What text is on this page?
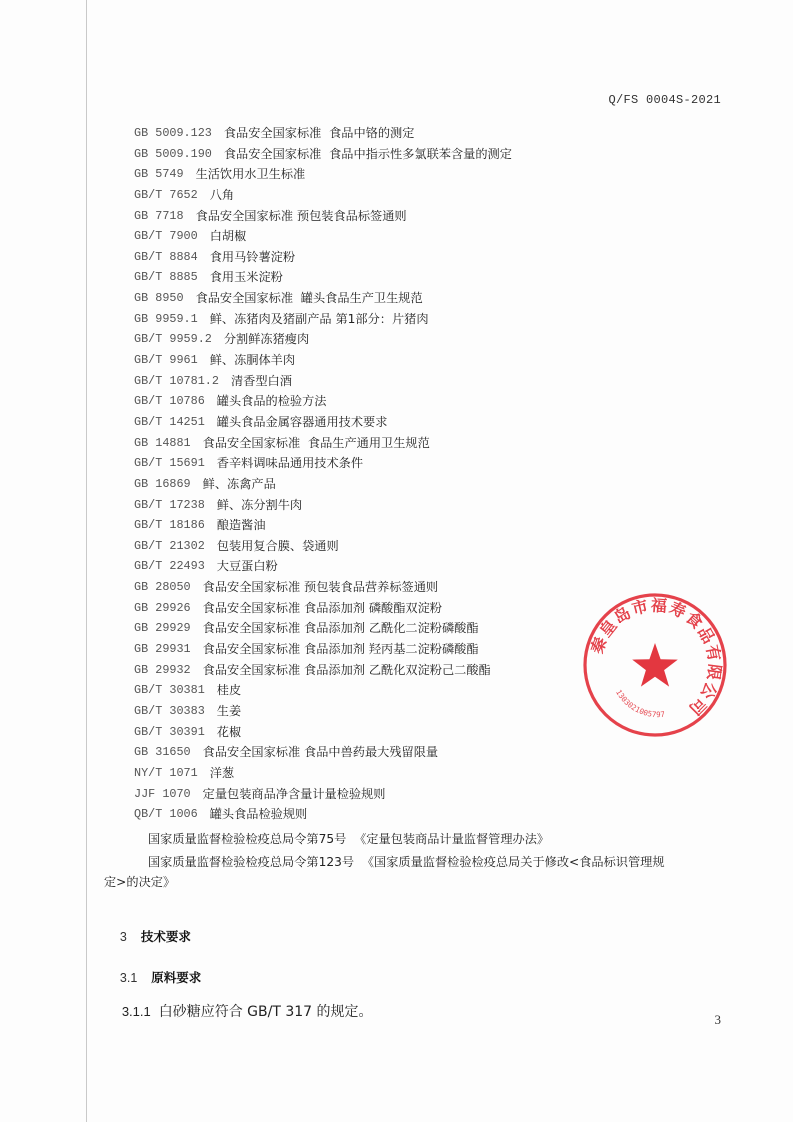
Q/FS 0004S-2021
GB 5009.123 食品安全国家标准  食品中铬的测定
GB 5009.190 食品安全国家标准  食品中指示性多氯联苯含量的测定
GB 5749 生活饮用水卫生标准
GB/T 7652 八角
GB 7718 食品安全国家标准 预包装食品标签通则
GB/T 7900 白胡椒
GB/T 8884 食用马铃薯淀粉
GB/T 8885 食用玉米淀粉
GB 8950 食品安全国家标准  罐头食品生产卫生规范
GB 9959.1 鲜、冻猪肉及猪副产品 第1部分：片猪肉
GB/T 9959.2 分割鲜冻猪瘦肉
GB/T 9961 鲜、冻胴体羊肉
GB/T 10781.2 清香型白酒
GB/T 10786 罐头食品的检验方法
GB/T 14251 罐头食品金属容器通用技术要求
GB 14881 食品安全国家标准  食品生产通用卫生规范
GB/T 15691 香辛料调味品通用技术条件
GB 16869 鲜、冻禽产品
GB/T 17238 鲜、冻分割牛肉
GB/T 18186 酿造酱油
GB/T 21302 包装用复合膜、袋通则
GB/T 22493 大豆蛋白粉
GB 28050 食品安全国家标准 预包装食品营养标签通则
GB 29926 食品安全国家标准 食品添加剂 磷酸酯双淀粉
GB 29929 食品安全国家标准 食品添加剂 乙酰化二淀粉磷酸酯
GB 29931 食品安全国家标准 食品添加剂 羟丙基二淀粉磷酸酯
GB 29932 食品安全国家标准 食品添加剂 乙酰化双淀粉己二酸酯
GB/T 30381 桂皮
GB/T 30383 生姜
GB/T 30391 花椒
GB 31650 食品安全国家标准 食品中兽药最大残留限量
NY/T 1071 洋葱
JJF 1070 定量包装商品净含量计量检验规则
QB/T 1006 罐头食品检验规则
国家质量监督检验检疫总局令第75号  《定量包装商品计量监督管理办法》
国家质量监督检验检疫总局令第123号  《国家质量监督检验检疫总局关于修改<食品标识管理规
定>的决定》

3 技术要求

3.1 原料要求

3.1.1 白砂糖应符合 GB/T 317 的规定。

秦皇岛市福寿食品有限公司
1303021005797
3
